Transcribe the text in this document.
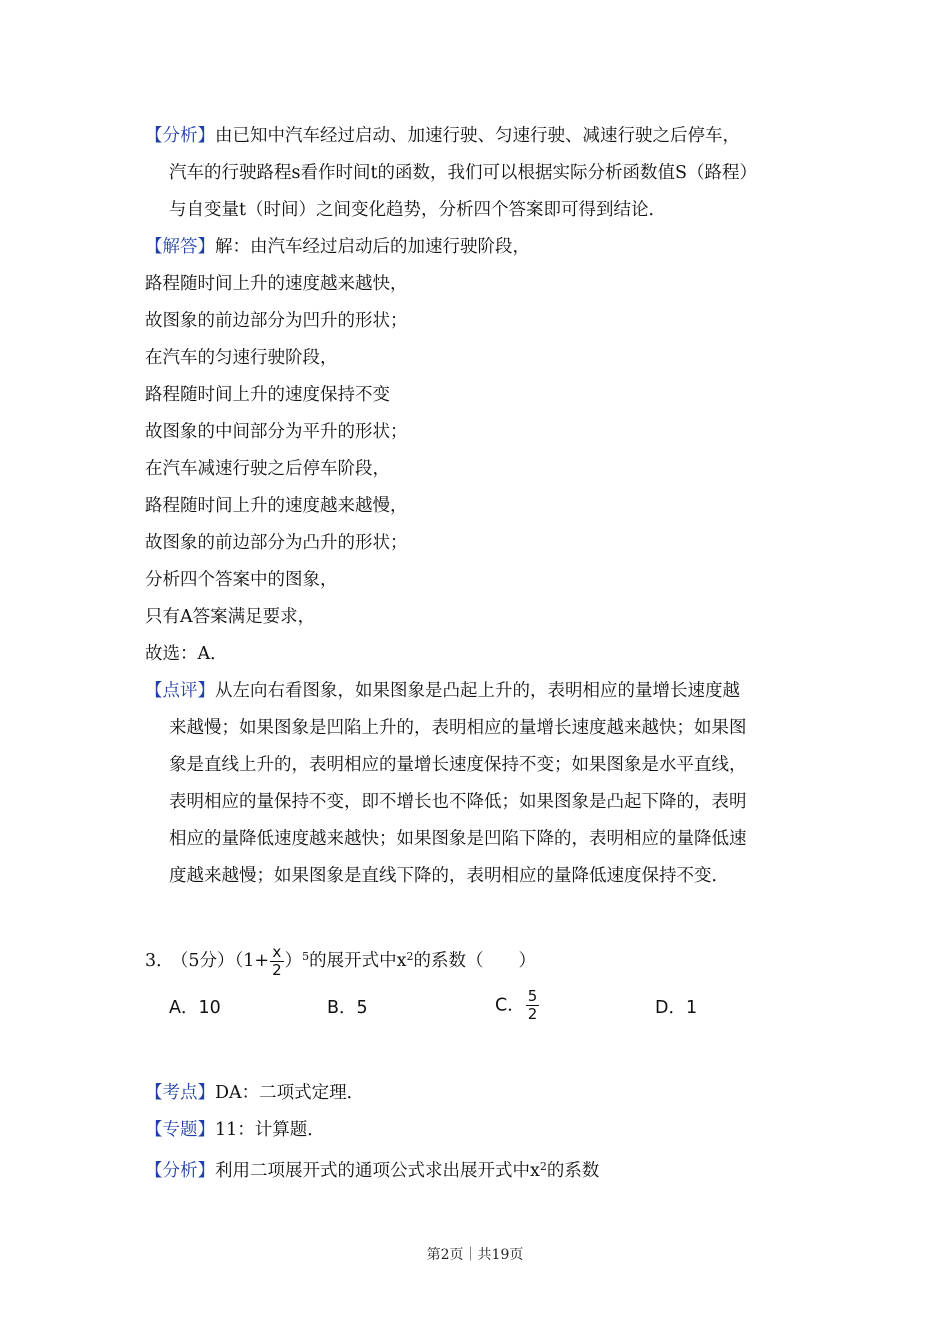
【分析】由已知中汽车经过启动、加速行驶、匀速行驶、减速行驶之后停车，
汽车的行驶路程s看作时间t的函数，我们可以根据实际分析函数值S（路程）
与自变量t（时间）之间变化趋势，分析四个答案即可得到结论．
【解答】解：由汽车经过启动后的加速行驶阶段，
路程随时间上升的速度越来越快，
故图象的前边部分为凹升的形状；
在汽车的匀速行驶阶段，
路程随时间上升的速度保持不变
故图象的中间部分为平升的形状；
在汽车减速行驶之后停车阶段，
路程随时间上升的速度越来越慢，
故图象的前边部分为凸升的形状；
分析四个答案中的图象，
只有A答案满足要求，
故选：A．
【点评】从左向右看图象，如果图象是凸起上升的，表明相应的量增长速度越
来越慢；如果图象是凹陷上升的，表明相应的量增长速度越来越快；如果图
象是直线上升的，表明相应的量增长速度保持不变；如果图象是水平直线，
表明相应的量保持不变，即不增长也不降低；如果图象是凸起下降的，表明
相应的量降低速度越来越快；如果图象是凹陷下降的，表明相应的量降低速
度越来越慢；如果图象是直线下降的，表明相应的量降低速度保持不变．
3． （5分）$(1+ \frac{x}{2} )^5$的展开式中$x^2$的系数（　　）
A．10	B．5	C． $\frac{5}{2}$	D．1
【考点】DA：二项式定理．
【专题】11：计算题．
【分析】利用二项展开式的通项公式求出展开式中$x^2$的系数
第2页｜共19页
